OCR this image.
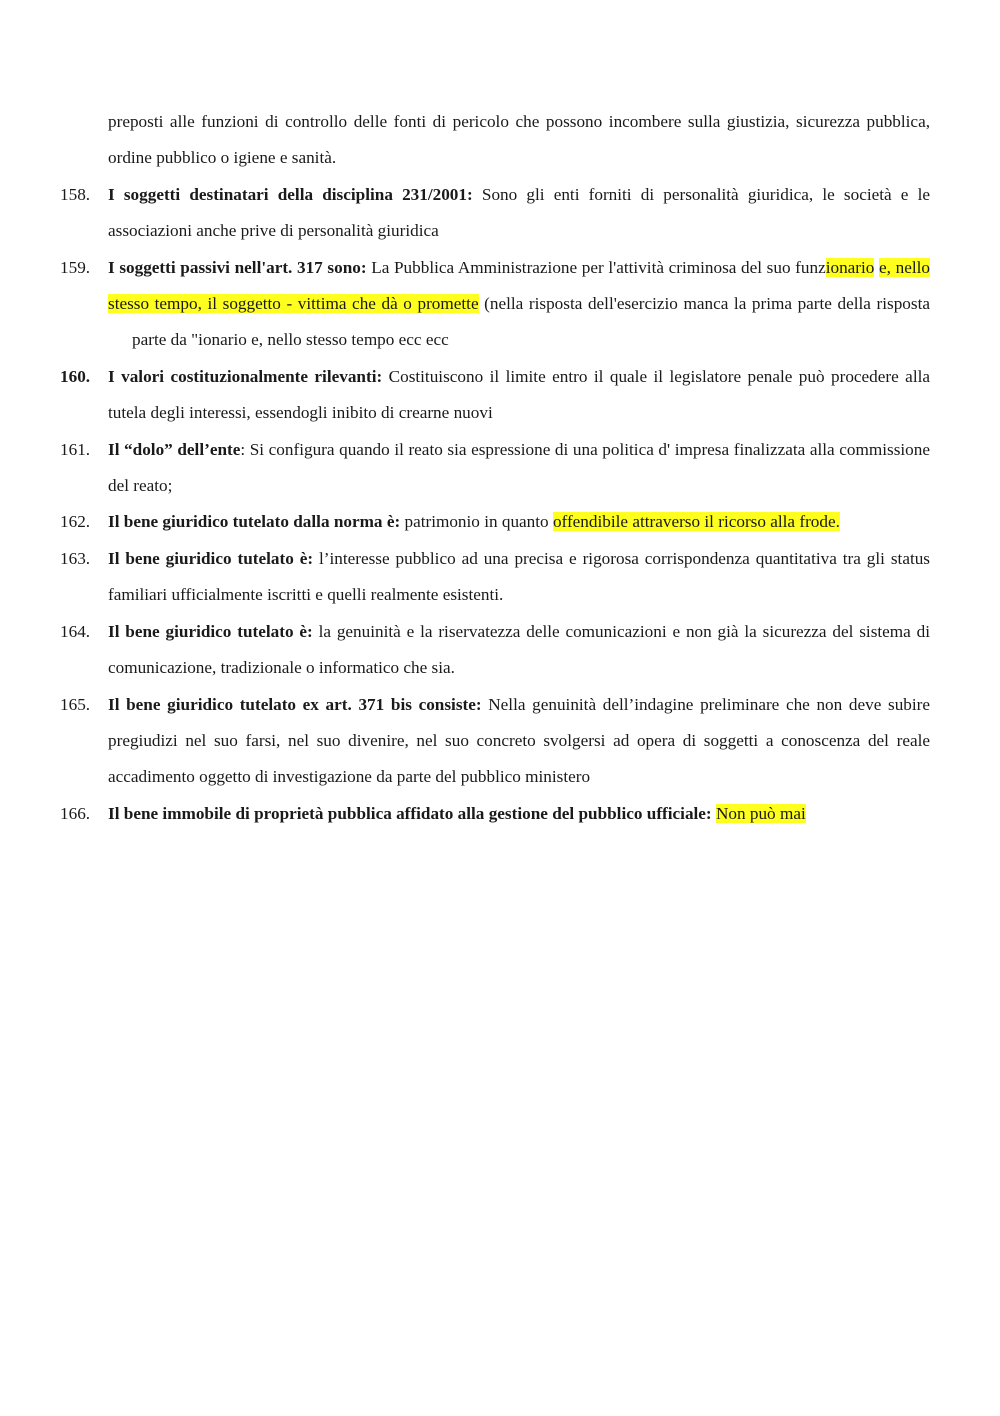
preposti alle funzioni di controllo delle fonti di pericolo che possono incombere sulla giustizia, sicurezza pubblica, ordine pubblico o igiene e sanità.
158.	I soggetti destinatari della disciplina 231/2001: Sono gli enti forniti di personalità giuridica, le società e le associazioni anche prive di personalità giuridica
159.	I soggetti passivi nell'art. 317 sono: La Pubblica Amministrazione per l'attività criminosa del suo funzionario e, nello stesso tempo, il soggetto - vittima che dà o promette (nella risposta dell'esercizio manca la prima parte della rispostaparte da "ionario e, nello stesso tempo ecc ecc
160.	I valori costituzionalmente rilevanti: Costituiscono il limite entro il quale il legislatore penale può procedere alla tutela degli interessi, essendogli inibito di crearne nuovi
161.	Il “dolo” dell’ente: Si configura quando il reato sia espressione di una politica d' impresa finalizzata alla commissione del reato;
162.	Il bene giuridico tutelato dalla norma è: patrimonio in quanto offendibile attraverso il ricorso alla frode.
163.	Il bene giuridico tutelato è: l’interesse pubblico ad una precisa e rigorosa corrispondenza quantitativa tra gli status familiari ufficialmente iscritti e quelli realmente esistenti.
164.	Il bene giuridico tutelato è: la genuinità e la riservatezza delle comunicazioni e non già la sicurezza del sistema di comunicazione, tradizionale o informatico che sia.
165.	Il bene giuridico tutelato ex art. 371 bis consiste: Nella genuinità dell’indagine preliminare che non deve subire pregiudizi nel suo farsi, nel suo divenire, nel suo concreto svolgersi ad opera di soggetti a conoscenza del reale accadimento oggetto di investigazione da parte del pubblico ministero
166.	Il bene immobile di proprietà pubblica affidato alla gestione del pubblico ufficiale: Non può mai
